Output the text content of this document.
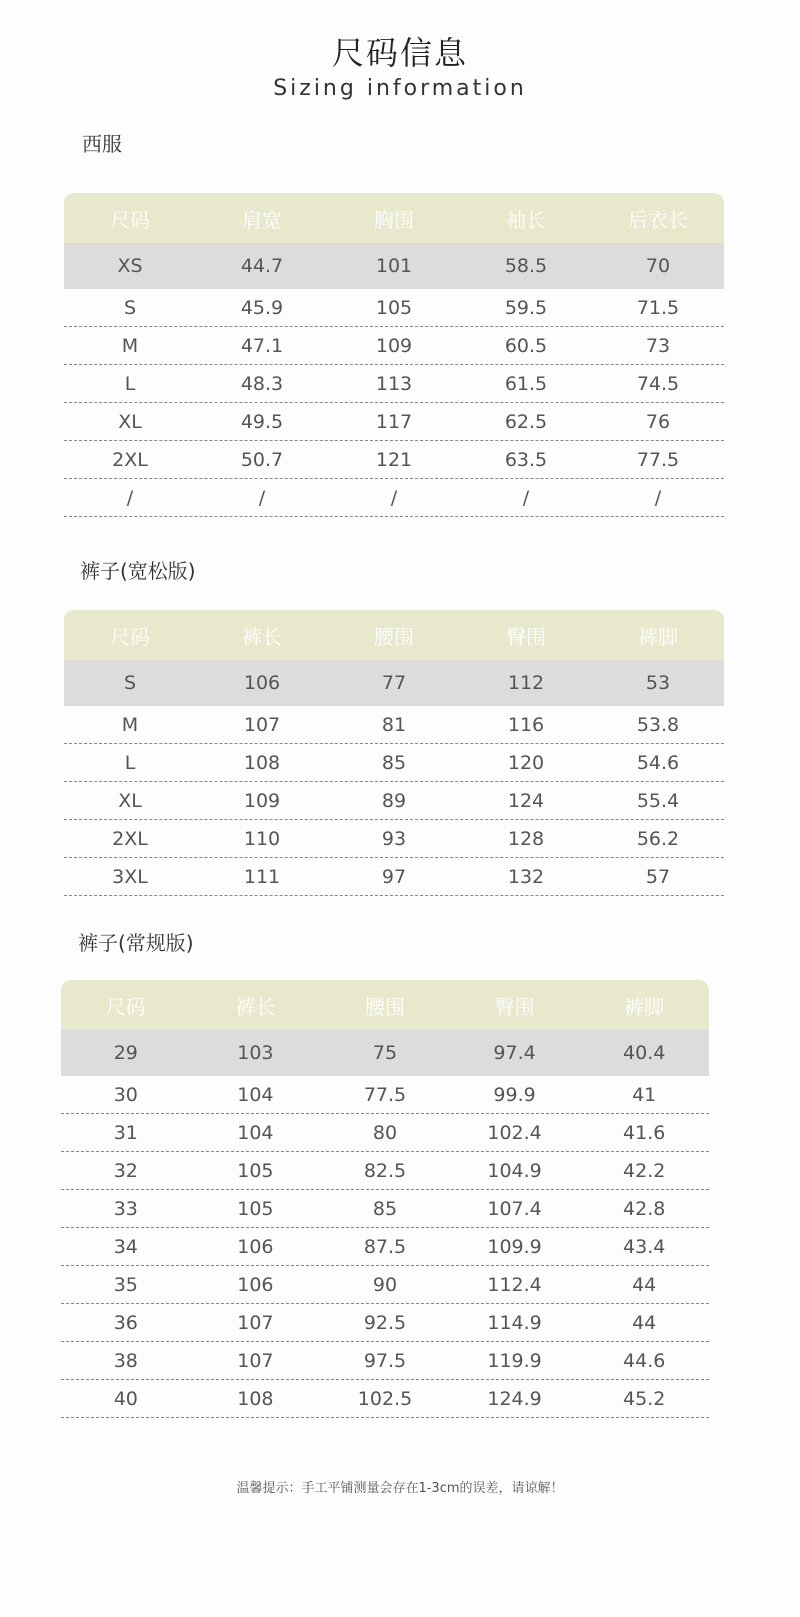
尺码信息
Sizing information
西服
尺码	肩宽	胸围	袖长	后衣长
XS	44.7	101	58.5	70
S	45.9	105	59.5	71.5
M	47.1	109	60.5	73
L	48.3	113	61.5	74.5
XL	49.5	117	62.5	76
2XL	50.7	121	63.5	77.5
/	/	/	/	/
裤子(宽松版)
尺码	裤长	腰围	臀围	裤脚
S	106	77	112	53
M	107	81	116	53.8
L	108	85	120	54.6
XL	109	89	124	55.4
2XL	110	93	128	56.2
3XL	111	97	132	57
裤子(常规版)
尺码	裤长	腰围	臀围	裤脚
29	103	75	97.4	40.4
30	104	77.5	99.9	41
31	104	80	102.4	41.6
32	105	82.5	104.9	42.2
33	105	85	107.4	42.8
34	106	87.5	109.9	43.4
35	106	90	112.4	44
36	107	92.5	114.9	44
38	107	97.5	119.9	44.6
40	108	102.5	124.9	45.2
温馨提示：手工平铺测量会存在1-3cm的误差，请谅解！
